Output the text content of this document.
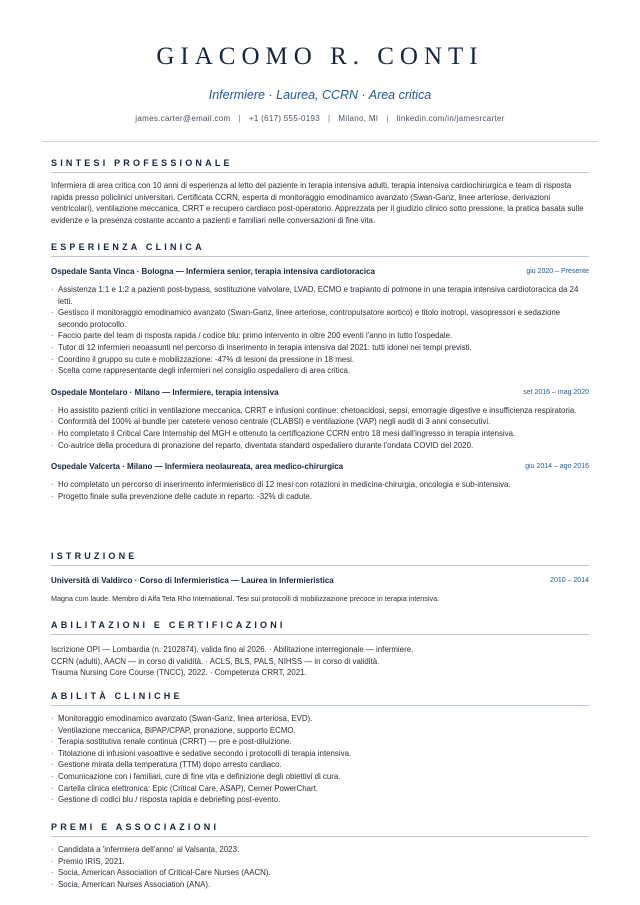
GIACOMO R. CONTI
Infermiere · Laurea, CCRN · Area critica
james.carter@email.com | +1 (617) 555-0193 | Milano, MI | linkedin.com/in/jamesrcarter
SINTESI PROFESSIONALE
Infermiera di area critica con 10 anni di esperienza al letto del paziente in terapia intensiva adulti, terapia intensiva cardiochirurgica e team di risposta rapida presso policlinici universitari. Certificata CCRN, esperta di monitoraggio emodinamico avanzato (Swan-Ganz, linee arteriose, derivazioni ventricolari), ventilazione meccanica, CRRT e recupero cardiaco post-operatorio. Apprezzata per il giudizio clinico sotto pressione, la pratica basata sulle evidenze e la presenza costante accanto a pazienti e familiari nelle conversazioni di fine vita.
ESPERIENZA CLINICA
Ospedale Santa Vinca · Bologna — Infermiera senior, terapia intensiva cardiotoracica	giu 2020 – Presente
· Assistenza 1:1 e 1:2 a pazienti post-bypass, sostituzione valvolare, LVAD, ECMO e trapianto di polmone in una terapia intensiva cardiotoracica da 24 letti.
· Gestisco il monitoraggio emodinamico avanzato (Swan-Ganz, linee arteriose, contropulsatore aortico) e titolo inotropi, vasopressori e sedazione secondo protocollo.
· Faccio parte del team di risposta rapida / codice blu: primo intervento in oltre 200 eventi l'anno in tutto l'ospedale.
· Tutor di 12 infermieri neoassunti nel percorso di inserimento in terapia intensiva dal 2021: tutti idonei nei tempi previsti.
· Coordino il gruppo su cute e mobilizzazione: -47% di lesioni da pressione in 18 mesi.
· Scelta come rappresentante degli infermieri nel consiglio ospedaliero di area critica.
Ospedale Montelaro · Milano — Infermiere, terapia intensiva	set 2016 – mag 2020
· Ho assistito pazienti critici in ventilazione meccanica, CRRT e infusioni continue: chetoacidosi, sepsi, emorragie digestive e insufficienza respiratoria.
· Conformità del 100% al bundle per catetere venoso centrale (CLABSI) e ventilazione (VAP) negli audit di 3 anni consecutivi.
· Ho completato il Critical Care Internship del MGH e ottenuto la certificazione CCRN entro 18 mesi dall'ingresso in terapia intensiva.
· Co-autrice della procedura di pronazione del reparto, diventata standard ospedaliero durante l'ondata COVID del 2020.
Ospedale Valcerta · Milano — Infermiera neolaureata, area medico-chirurgica	giu 2014 – ago 2016
· Ho completato un percorso di inserimento infermieristico di 12 mesi con rotazioni in medicina-chirurgia, oncologia e sub-intensiva.
· Progetto finale sulla prevenzione delle cadute in reparto: -32% di cadute.
ISTRUZIONE
Università di Valdirco · Corso di Infermieristica — Laurea in Infermieristica	2010 – 2014
Magna cum laude. Membro di Alfa Teta Rho International. Tesi sui protocolli di mobilizzazione precoce in terapia intensiva.
ABILITAZIONI E CERTIFICAZIONI
Iscrizione OPI — Lombardia (n. 2102874), valida fino al 2026. · Abilitazione interregionale — infermiere.
CCRN (adulti), AACN — in corso di validità. · ACLS, BLS, PALS, NIHSS — in corso di validità.
Trauma Nursing Core Course (TNCC), 2022. · Competenza CRRT, 2021.
ABILITÀ CLINICHE
· Monitoraggio emodinamico avanzato (Swan-Ganz, linea arteriosa, EVD).
· Ventilazione meccanica, BiPAP/CPAP, pronazione, supporto ECMO.
· Terapia sostitutiva renale continua (CRRT) — pre e post-diluizione.
· Titolazione di infusioni vasoattive e sedative secondo i protocolli di terapia intensiva.
· Gestione mirata della temperatura (TTM) dopo arresto cardiaco.
· Comunicazione con i familiari, cure di fine vita e definizione degli obiettivi di cura.
· Cartella clinica elettronica: Epic (Critical Care, ASAP), Cerner PowerChart.
· Gestione di codici blu / risposta rapida e debriefing post-evento.
PREMI E ASSOCIAZIONI
· Candidata a 'infermiera dell'anno' al Valsanta, 2023.
· Premio IRIS, 2021.
· Socia, American Association of Critical-Care Nurses (AACN).
· Socia, American Nurses Association (ANA).
